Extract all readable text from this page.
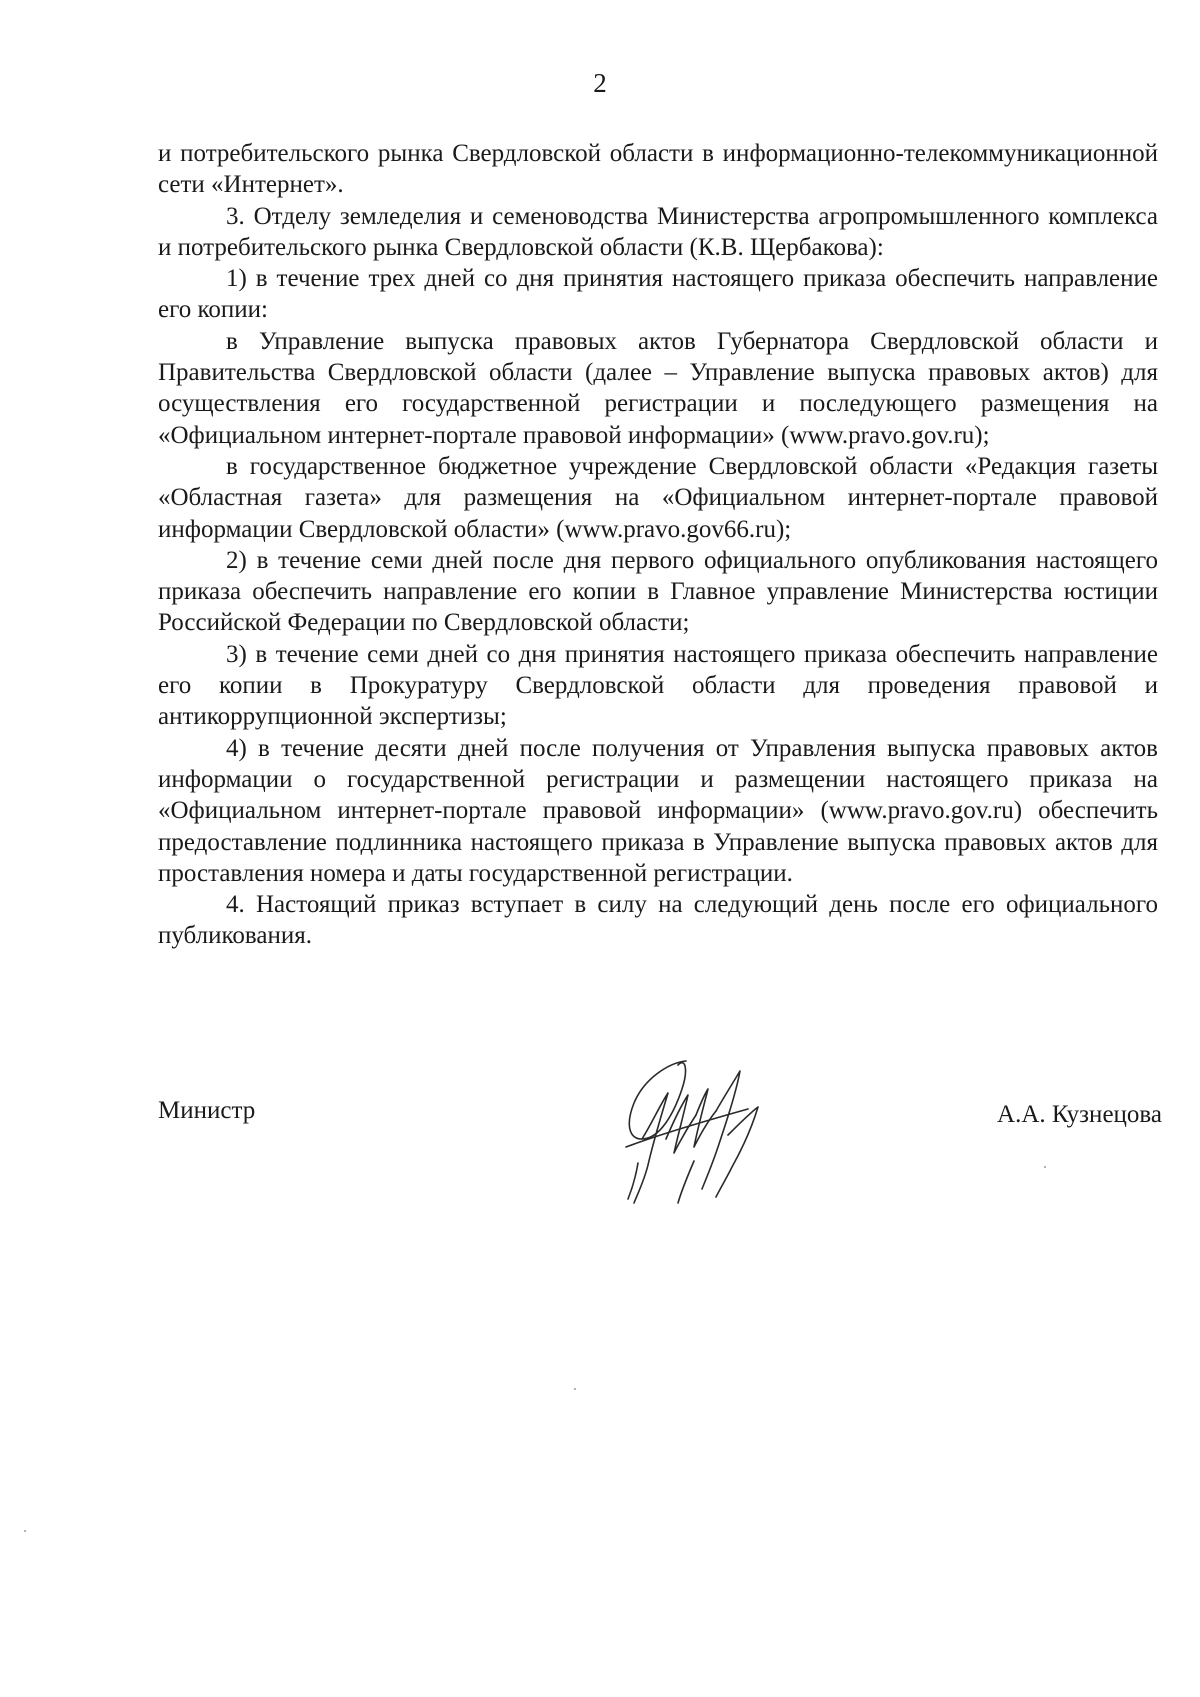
2

и потребительского рынка Свердловской области в информационно-телекоммуникационной сети «Интернет».

3. Отделу земледелия и семеноводства Министерства агропромышленного комплекса и потребительского рынка Свердловской области (К.В. Щербакова):

1) в течение трех дней со дня принятия настоящего приказа обеспечить направление его копии:

в Управление выпуска правовых актов Губернатора Свердловской области и Правительства Свердловской области (далее – Управление выпуска правовых актов) для осуществления его государственной регистрации и последующего размещения на «Официальном интернет-портале правовой информации» (www.pravo.gov.ru);

в государственное бюджетное учреждение Свердловской области «Редакция газеты «Областная газета» для размещения на «Официальном интернет-портале правовой информации Свердловской области» (www.pravo.gov66.ru);

2) в течение семи дней после дня первого официального опубликования настоящего приказа обеспечить направление его копии в Главное управление Министерства юстиции Российской Федерации по Свердловской области;

3) в течение семи дней со дня принятия настоящего приказа обеспечить направление его копии в Прокуратуру Свердловской области для проведения правовой и антикоррупционной экспертизы;

4) в течение десяти дней после получения от Управления выпуска правовых актов информации о государственной регистрации и размещении настоящего приказа на «Официальном интернет-портале правовой информации» (www.pravo.gov.ru) обеспечить предоставление подлинника настоящего приказа в Управление выпуска правовых актов для проставления номера и даты государственной регистрации.

4. Настоящий приказ вступает в силу на следующий день после его официального публикования.

Министр	А.А. Кузнецова
